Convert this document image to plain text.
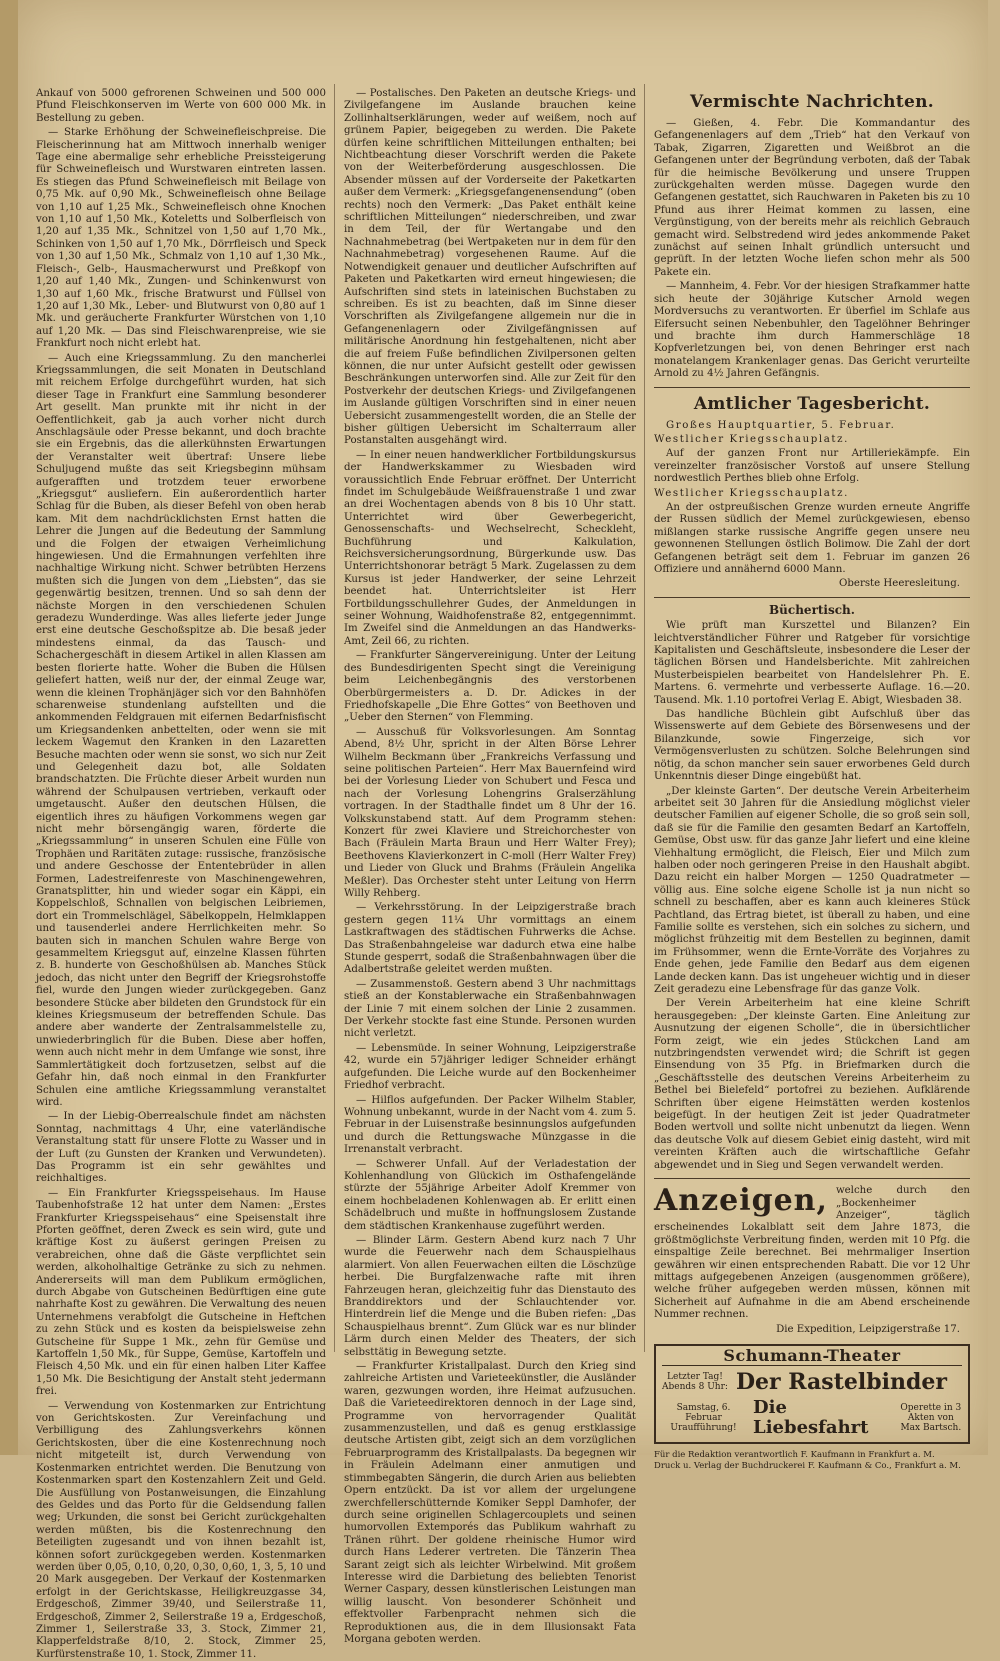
Ankauf von 5000 gefrorenen Schweinen und 500 000 Pfund Fleischkonserven im Werte von 600 000 Mk. in Bestellung zu geben.

— Starke Erhöhung der Schweinefleischpreise. Die Fleischerinnung hat am Mittwoch innerhalb weniger Tage eine abermalige sehr erhebliche Preissteigerung für Schweinefleisch und Wurstwaren eintreten lassen. Es stiegen das Pfund Schweinefleisch mit Beilage von 0,75 Mk. auf 0,90 Mk., Schweinefleisch ohne Beilage von 1,10 auf 1,25 Mk., Schweinefleisch ohne Knochen von 1,10 auf 1,50 Mk., Koteletts und Solberfleisch von 1,20 auf 1,35 Mk., Schnitzel von 1,50 auf 1,70 Mk., Schinken von 1,50 auf 1,70 Mk., Dörrfleisch und Speck von 1,30 auf 1,50 Mk., Schmalz von 1,10 auf 1,30 Mk., Fleisch-, Gelb-, Hausmacherwurst und Preßkopf von 1,20 auf 1,40 Mk., Zungen- und Schinkenwurst von 1,30 auf 1,60 Mk., frische Bratwurst und Füllsel von 1,20 auf 1,30 Mk., Leber- und Blutwurst von 0,80 auf 1 Mk. und geräucherte Frankfurter Würstchen von 1,10 auf 1,20 Mk. — Das sind Fleischwarenpreise, wie sie Frankfurt noch nicht erlebt hat.

— Auch eine Kriegssammlung. Zu den mancherlei Kriegssammlungen, die seit Monaten in Deutschland mit reichem Erfolge durchgeführt wurden, hat sich dieser Tage in Frankfurt eine Sammlung besonderer Art gesellt. Man prunkte mit ihr nicht in der Oeffentlichkeit, gab ja auch vorher nicht durch Anschlagsäule oder Presse bekannt, und doch brachte sie ein Ergebnis, das die allerkühnsten Erwartungen der Veranstalter weit übertraf: Unsere liebe Schuljugend mußte das seit Kriegsbeginn mühsam aufgerafften und trotzdem teuer erworbene „Kriegsgut“ ausliefern. Ein außerordentlich harter Schlag für die Buben, als dieser Befehl von oben herab kam. Mit dem nachdrücklichsten Ernst hatten die Lehrer die Jungen auf die Bedeutung der Sammlung und die Folgen der etwaigen Verheimlichung hingewiesen. Und die Ermahnungen verfehlten ihre nachhaltige Wirkung nicht. Schwer betrübten Herzens mußten sich die Jungen von dem „Liebsten“, das sie gegenwärtig besitzen, trennen. Und so sah denn der nächste Morgen in den verschiedenen Schulen geradezu Wunderdinge. Was alles lieferte jeder Junge erst eine deutsche Geschoßspitze ab. Die besaß jeder mindestens einmal, da das Tausch- und Schachergeschäft in diesem Artikel in allen Klassen am besten florierte hatte. Woher die Buben die Hülsen geliefert hatten, weiß nur der, der einmal Zeuge war, wenn die kleinen Trophänjäger sich vor den Bahnhöfen scharenweise stundenlang aufstellten und die ankommenden Feldgrauen mit eifernen Bedarfnisfischt um Kriegsandenken anbettelten, oder wenn sie mit leckem Wagemut den Kranken in den Lazaretten Besuche machten oder wenn sie sonst, wo sich nur Zeit und Gelegenheit dazu bot, alle Soldaten brandschatzten. Die Früchte dieser Arbeit wurden nun während der Schulpausen vertrieben, verkauft oder umgetauscht. Außer den deutschen Hülsen, die eigentlich ihres zu häufigen Vorkommens wegen gar nicht mehr börsengängig waren, förderte die „Kriegssammlung“ in unseren Schulen eine Fülle von Trophäen und Raritäten zutage: russische, französische und andere Geschosse der Ententebrüder in allen Formen, Ladestreifenreste von Maschinengewehren, Granatsplitter, hin und wieder sogar ein Käppi, ein Koppelschloß, Schnallen von belgischen Leibriemen, dort ein Trommelschlägel, Säbelkoppeln, Helmklappen und tausenderlei andere Herrlichkeiten mehr. So bauten sich in manchen Schulen wahre Berge von gesammeltem Kriegsgut auf, einzelne Klassen führten z. B. hunderte von Geschoßhülsen ab. Manches Stück jedoch, das nicht unter den Begriff der Kriegsrohstoffe fiel, wurde den Jungen wieder zurückgegeben. Ganz besondere Stücke aber bildeten den Grundstock für ein kleines Kriegsmuseum der betreffenden Schule. Das andere aber wanderte der Zentralsammelstelle zu, unwiederbringlich für die Buben. Diese aber hoffen, wenn auch nicht mehr in dem Umfange wie sonst, ihre Sammlertätigkeit doch fortzusetzen, selbst auf die Gefahr hin, daß noch einmal in den Frankfurter Schulen eine amtliche Kriegssammlung veranstaltet wird.

— In der Liebig-Oberrealschule findet am nächsten Sonntag, nachmittags 4 Uhr, eine vaterländische Veranstaltung statt für unsere Flotte zu Wasser und in der Luft (zu Gunsten der Kranken und Verwundeten). Das Programm ist ein sehr gewähltes und reichhaltiges.

— Ein Frankfurter Kriegsspeisehaus. Im Hause Taubenhofstraße 12 hat unter dem Namen: „Erstes Frankfurter Kriegsspeisehaus“ eine Speisenstalt ihre Pforten geöffnet, deren Zweck es sein wird, gute und kräftige Kost zu äußerst geringen Preisen zu verabreichen, ohne daß die Gäste verpflichtet sein werden, alkoholhaltige Getränke zu sich zu nehmen. Andererseits will man dem Publikum ermöglichen, durch Abgabe von Gutscheinen Bedürftigen eine gute nahrhafte Kost zu gewähren. Die Verwaltung des neuen Unternehmens verabfolgt die Gutscheine in Heftchen zu zehn Stück und es kosten da beispielsweise zehn Gutscheine für Suppe 1 Mk., zehn für Gemüse und Kartoffeln 1,50 Mk., für Suppe, Gemüse, Kartoffeln und Fleisch 4,50 Mk. und ein für einen halben Liter Kaffee 1,50 Mk. Die Besichtigung der Anstalt steht jedermann frei.

— Verwendung von Kostenmarken zur Entrichtung von Gerichtskosten. Zur Vereinfachung und Verbilligung des Zahlungsverkehrs können Gerichtskosten, über die eine Kostenrechnung noch nicht mitgeteilt ist, durch Verwendung von Kostenmarken entrichtet werden. Die Benutzung von Kostenmarken spart den Kostenzahlern Zeit und Geld. Die Ausfüllung von Postanweisungen, die Einzahlung des Geldes und das Porto für die Geldsendung fallen weg; Urkunden, die sonst bei Gericht zurückgehalten werden müßten, bis die Kostenrechnung den Beteiligten zugesandt und von ihnen bezahlt ist, können sofort zurückgegeben werden. Kostenmarken werden über 0,05, 0,10, 0,20, 0,30, 0,60, 1, 3, 5, 10 und 20 Mark ausgegeben. Der Verkauf der Kostenmarken erfolgt in der Gerichtskasse, Heiligkreuzgasse 34, Erdgeschoß, Zimmer 39/40, und Seilerstraße 11, Erdgeschoß, Zimmer 2, Seilerstraße 19 a, Erdgeschoß, Zimmer 1, Seilerstraße 33, 3. Stock, Zimmer 21, Klapperfeldstraße 8/10, 2. Stock, Zimmer 25, Kurfürstenstraße 10, 1. Stock, Zimmer 11.

— Postalisches. Den Paketen an deutsche Kriegs- und Zivilgefangene im Auslande brauchen keine Zollinhaltserklärungen, weder auf weißem, noch auf grünem Papier, beigegeben zu werden. Die Pakete dürfen keine schriftlichen Mitteilungen enthalten; bei Nichtbeachtung dieser Vorschrift werden die Pakete von der Weiterbeförderung ausgeschlossen. Die Absender müssen auf der Vorderseite der Paketkarten außer dem Vermerk: „Kriegsgefangenensendung“ (oben rechts) noch den Vermerk: „Das Paket enthält keine schriftlichen Mitteilungen“ niederschreiben, und zwar in dem Teil, der für Wertangabe und den Nachnahmebetrag (bei Wertpaketen nur in dem für den Nachnahmebetrag) vorgesehenen Raume. Auf die Notwendigkeit genauer und deutlicher Aufschriften auf Paketen und Paketkarten wird erneut hingewiesen; die Aufschriften sind stets in lateinischen Buchstaben zu schreiben. Es ist zu beachten, daß im Sinne dieser Vorschriften als Zivilgefangene allgemein nur die in Gefangenenlagern oder Zivilgefängnissen auf militärische Anordnung hin festgehaltenen, nicht aber die auf freiem Fuße befindlichen Zivilpersonen gelten können, die nur unter Aufsicht gestellt oder gewissen Beschränkungen unterworfen sind. Alle zur Zeit für den Postverkehr der deutschen Kriegs- und Zivilgefangenen im Auslande gültigen Vorschriften sind in einer neuen Uebersicht zusammengestellt worden, die an Stelle der bisher gültigen Uebersicht im Schalterraum aller Postanstalten ausgehängt wird.

— In einer neuen handwerklicher Fortbildungskursus der Handwerkskammer zu Wiesbaden wird voraussichtlich Ende Februar eröffnet. Der Unterricht findet im Schulgebäude Weißfrauenstraße 1 und zwar an drei Wochentagen abends von 8 bis 10 Uhr statt. Unterrichtet wird über Gewerbegericht, Genossenschafts- und Wechselrecht, Scheckleht, Buchführung und Kalkulation, Reichsversicherungsordnung, Bürgerkunde usw. Das Unterrichtshonorar beträgt 5 Mark. Zugelassen zu dem Kursus ist jeder Handwerker, der seine Lehrzeit beendet hat. Unterrichtsleiter ist Herr Fortbildungsschullehrer Gudes, der Anmeldungen in seiner Wohnung, Waidhofenstraße 82, entgegennimmt. Im Zweifel sind die Anmeldungen an das Handwerks-Amt, Zeil 66, zu richten.

— Frankfurter Sängervereinigung. Unter der Leitung des Bundesdirigenten Specht singt die Vereinigung beim Leichenbegängnis des verstorbenen Oberbürgermeisters a. D. Dr. Adickes in der Friedhofskapelle „Die Ehre Gottes“ von Beethoven und „Ueber den Sternen“ von Flemming.

— Ausschuß für Volksvorlesungen. Am Sonntag Abend, 8½ Uhr, spricht in der Alten Börse Lehrer Wilhelm Beckmann über „Frankreichs Verfassung und seine politischen Parteien“. Herr Max Bauernfeind wird bei der Vorlesung Lieder von Schubert und Fesca und nach der Vorlesung Lohengrins Gralserzählung vortragen. In der Stadthalle findet um 8 Uhr der 16. Volkskunstabend statt. Auf dem Programm stehen: Konzert für zwei Klaviere und Streichorchester von Bach (Fräulein Marta Braun und Herr Walter Frey); Beethovens Klavierkonzert in C-moll (Herr Walter Frey) und Lieder von Gluck und Brahms (Fräulein Angelika Meßler). Das Orchester steht unter Leitung von Herrn Willy Rehberg.

— Verkehrsstörung. In der Leipzigerstraße brach gestern gegen 11¼ Uhr vormittags an einem Lastkraftwagen des städtischen Fuhrwerks die Achse. Das Straßenbahngeleise war dadurch etwa eine halbe Stunde gesperrt, sodaß die Straßenbahnwagen über die Adalbertstraße geleitet werden mußten.

— Zusammenstoß. Gestern abend 3 Uhr nachmittags stieß an der Konstablerwache ein Straßenbahnwagen der Linie 7 mit einem solchen der Linie 2 zusammen. Der Verkehr stockte fast eine Stunde. Personen wurden nicht verletzt.

— Lebensmüde. In seiner Wohnung, Leipzigerstraße 42, wurde ein 57jähriger lediger Schneider erhängt aufgefunden. Die Leiche wurde auf den Bockenheimer Friedhof verbracht.

— Hilflos aufgefunden. Der Packer Wilhelm Stabler, Wohnung unbekannt, wurde in der Nacht vom 4. zum 5. Februar in der Luisenstraße besinnungslos aufgefunden und durch die Rettungswache Münzgasse in die Irrenanstalt verbracht.

— Schwerer Unfall. Auf der Verladestation der Kohlenhandlung von Glückich im Osthafengelände stürzte der 55jährige Arbeiter Adolf Kremmer von einem hochbeladenen Kohlenwagen ab. Er erlitt einen Schädelbruch und mußte in hoffnungslosem Zustande dem städtischen Krankenhause zugeführt werden.

— Blinder Lärm. Gestern Abend kurz nach 7 Uhr wurde die Feuerwehr nach dem Schauspielhaus alarmiert. Von allen Feuerwachen eilten die Löschzüge herbei. Die Burgfalzenwache rafte mit ihren Fahrzeugen heran, gleichzeitig fuhr das Dienstauto des Branddirektors und der Schlauchtender vor. Hinterdrein lief die Menge und die Buben riefen: „Das Schauspielhaus brennt“. Zum Glück war es nur blinder Lärm durch einen Melder des Theaters, der sich selbsttätig in Bewegung setzte.

— Frankfurter Kristallpalast. Durch den Krieg sind zahlreiche Artisten und Varieteekünstler, die Ausländer waren, gezwungen worden, ihre Heimat aufzusuchen. Daß die Varieteedirektoren dennoch in der Lage sind, Programme von hervorragender Qualität zusammenzustellen, und daß es genug erstklassige deutsche Artisten gibt, zeigt sich an dem vorzüglichen Februarprogramm des Kristallpalasts. Da begegnen wir in Fräulein Adelmann einer anmutigen und stimmbegabten Sängerin, die durch Arien aus beliebten Opern entzückt. Da ist vor allem der urgelungene zwerchfellerschütternde Komiker Seppl Damhofer, der durch seine originellen Schlagercouplets und seinen humorvollen Extemporés das Publikum wahrhaft zu Tränen rührt. Der goldene rheinische Humor wird durch Hans Lederer vertreten. Die Tänzerin Thea Sarant zeigt sich als leichter Wirbelwind. Mit großem Interesse wird die Darbietung des beliebten Tenorist Werner Caspary, dessen künstlerischen Leistungen man willig lauscht. Von besonderer Schönheit und effektvoller Farbenpracht nehmen sich die Reproduktionen aus, die in dem Illusionsakt Fata Morgana geboten werden.

Vermischte Nachrichten.

— Gießen, 4. Febr. Die Kommandantur des Gefangenenlagers auf dem „Trieb“ hat den Verkauf von Tabak, Zigarren, Zigaretten und Weißbrot an die Gefangenen unter der Begründung verboten, daß der Tabak für die heimische Bevölkerung und unsere Truppen zurückgehalten werden müsse. Dagegen wurde den Gefangenen gestattet, sich Rauchwaren in Paketen bis zu 10 Pfund aus ihrer Heimat kommen zu lassen, eine Vergünstigung, von der bereits mehr als reichlich Gebrauch gemacht wird. Selbstredend wird jedes ankommende Paket zunächst auf seinen Inhalt gründlich untersucht und geprüft. In der letzten Woche liefen schon mehr als 500 Pakete ein.

— Mannheim, 4. Febr. Vor der hiesigen Strafkammer hatte sich heute der 30jährige Kutscher Arnold wegen Mordversuchs zu verantworten. Er überfiel im Schlafe aus Eifersucht seinen Nebenbuhler, den Tagelöhner Behringer und brachte ihm durch Hammerschläge 18 Kopfverletzungen bei, von denen Behringer erst nach monatelangem Krankenlager genas. Das Gericht verurteilte Arnold zu 4½ Jahren Gefängnis.

Amtlicher Tagesbericht.

Großes Hauptquartier, 5. Februar.

Westlicher Kriegsschauplatz.

Auf der ganzen Front nur Artilleriekämpfe. Ein vereinzelter französischer Vorstoß auf unsere Stellung nordwestlich Perthes blieb ohne Erfolg.

Westlicher Kriegsschauplatz.

An der ostpreußischen Grenze wurden erneute Angriffe der Russen südlich der Memel zurückgewiesen, ebenso mißlangen starke russische Angriffe gegen unsere neu gewonnenen Stellungen östlich Bolimow. Die Zahl der dort Gefangenen beträgt seit dem 1. Februar im ganzen 26 Offiziere und annähernd 6000 Mann.

Oberste Heeresleitung.
Büchertisch.

Wie prüft man Kurszettel und Bilanzen? Ein leichtverständlicher Führer und Ratgeber für vorsichtige Kapitalisten und Geschäftsleute, insbesondere die Leser der täglichen Börsen und Handelsberichte. Mit zahlreichen Musterbeispielen bearbeitet von Handelslehrer Ph. E. Martens. 6. vermehrte und verbesserte Auflage. 16.—20. Tausend. Mk. 1.10 portofrei Verlag E. Abigt, Wiesbaden 38.

Das handliche Büchlein gibt Aufschluß über das Wissenswerte auf dem Gebiete des Börsenwesens und der Bilanzkunde, sowie Fingerzeige, sich vor Vermögensverlusten zu schützen. Solche Belehrungen sind nötig, da schon mancher sein sauer erworbenes Geld durch Unkenntnis dieser Dinge eingebüßt hat.

„Der kleinste Garten“. Der deutsche Verein Arbeiterheim arbeitet seit 30 Jahren für die Ansiedlung möglichst vieler deutscher Familien auf eigener Scholle, die so groß sein soll, daß sie für die Familie den gesamten Bedarf an Kartoffeln, Gemüse, Obst usw. für das ganze Jahr liefert und eine kleine Viehhaltung ermöglicht, die Fleisch, Eier und Milch zum halben oder noch geringeren Preise in den Haushalt abgibt. Dazu reicht ein halber Morgen — 1250 Quadratmeter — völlig aus. Eine solche eigene Scholle ist ja nun nicht so schnell zu beschaffen, aber es kann auch kleineres Stück Pachtland, das Ertrag bietet, ist überall zu haben, und eine Familie sollte es verstehen, sich ein solches zu sichern, und möglichst frühzeitig mit dem Bestellen zu beginnen, damit im Frühsommer, wenn die Ernte-Vorräte des Vorjahres zu Ende gehen, jede Familie den Bedarf aus dem eigenen Lande decken kann. Das ist ungeheuer wichtig und in dieser Zeit geradezu eine Lebensfrage für das ganze Volk.

Der Verein Arbeiterheim hat eine kleine Schrift herausgegeben: „Der kleinste Garten. Eine Anleitung zur Ausnutzung der eigenen Scholle“, die in übersichtlicher Form zeigt, wie ein jedes Stückchen Land am nutzbringendsten verwendet wird; die Schrift ist gegen Einsendung von 35 Pfg. in Briefmarken durch die „Geschäftsstelle des deutschen Vereins Arbeiterheim zu Bethel bei Bielefeld“ portofrei zu beziehen. Aufklärende Schriften über eigene Heimstätten werden kostenlos beigefügt. In der heutigen Zeit ist jeder Quadratmeter Boden wertvoll und sollte nicht unbenutzt da liegen. Wenn das deutsche Volk auf diesem Gebiet einig dasteht, wird mit vereinten Kräften auch die wirtschaftliche Gefahr abgewendet und in Sieg und Segen verwandelt werden.

Anzeigen, welche durch den „Bockenheimer Anzeiger“, täglich erscheinendes Lokalblatt seit dem Jahre 1873, die größtmöglichste Verbreitung finden, werden mit 10 Pfg. die einspaltige Zeile berechnet. Bei mehrmaliger Insertion gewähren wir einen entsprechenden Rabatt. Die vor 12 Uhr mittags aufgegebenen Anzeigen (ausgenommen größere), welche früher aufgegeben werden müssen, können mit Sicherheit auf Aufnahme in die am Abend erscheinende Nummer rechnen.

Die Expedition, Leipzigerstraße 17.
Schumann-Theater
Letzter Tag!
Abends 8 Uhr: Der Rastelbinder
Samstag, 6. Februar
Uraufführung!
Die Liebesfahrt
Operette in 3 Akten von Max Bartsch.
Für die Redaktion verantwortlich F. Kaufmann in Frankfurt a. M.
Druck u. Verlag der Buchdruckerei F. Kaufmann & Co., Frankfurt a. M.
